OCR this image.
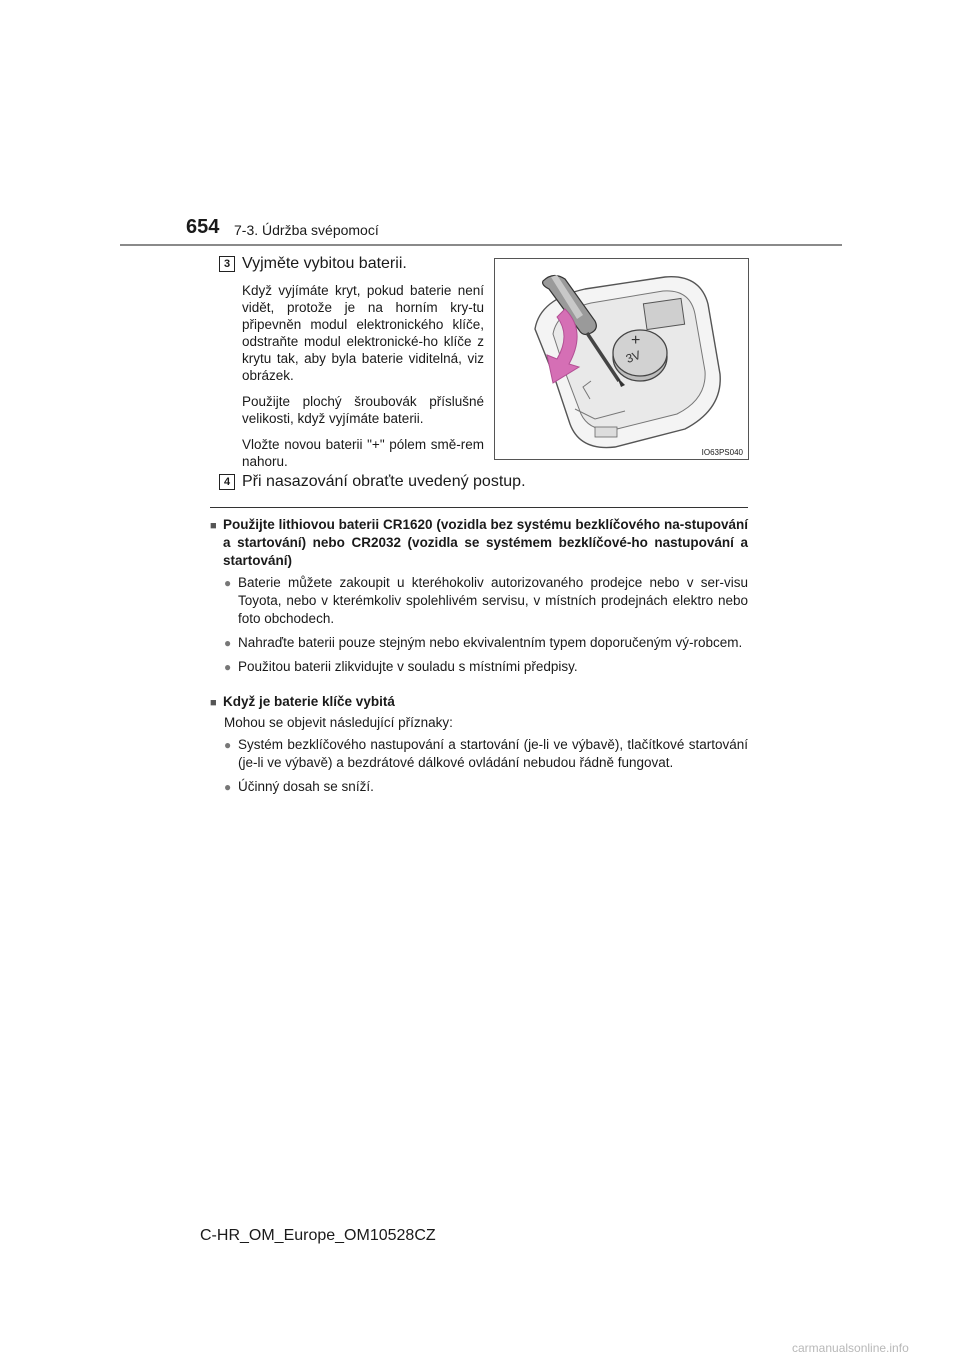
654 7-3. Údržba svépomocí
3 Vyjměte vybitou baterii.
Když vyjímáte kryt, pokud baterie není vidět, protože je na horním kry-tu připevněn modul elektronického klíče, odstraňte modul elektronické-ho klíče z krytu tak, aby byla baterie viditelná, viz obrázek.
Použijte plochý šroubovák příslušné velikosti, když vyjímáte baterii.
Vložte novou baterii "+" pólem smě-rem nahoru.
3V
+
IO63PS040
4 Při nasazování obraťte uvedený postup.
■ Použijte lithiovou baterii CR1620 (vozidla bez systému bezklíčového na-stupování a startování) nebo CR2032 (vozidla se systémem bezklíčové-ho nastupování a startování)
● Baterie můžete zakoupit u kteréhokoliv autorizovaného prodejce nebo v ser-visu Toyota, nebo v kterémkoliv spolehlivém servisu, v místních prodejnách elektro nebo foto obchodech.
● Nahraďte baterii pouze stejným nebo ekvivalentním typem doporučeným vý-robcem.
● Použitou baterii zlikvidujte v souladu s místními předpisy.
■ Když je baterie klíče vybitá
Mohou se objevit následující příznaky:
● Systém bezklíčového nastupování a startování (je-li ve výbavě), tlačítkové startování (je-li ve výbavě) a bezdrátové dálkové ovládání nebudou řádně fungovat.
● Účinný dosah se sníží.
C-HR_OM_Europe_OM10528CZ
carmanualsonline.info
